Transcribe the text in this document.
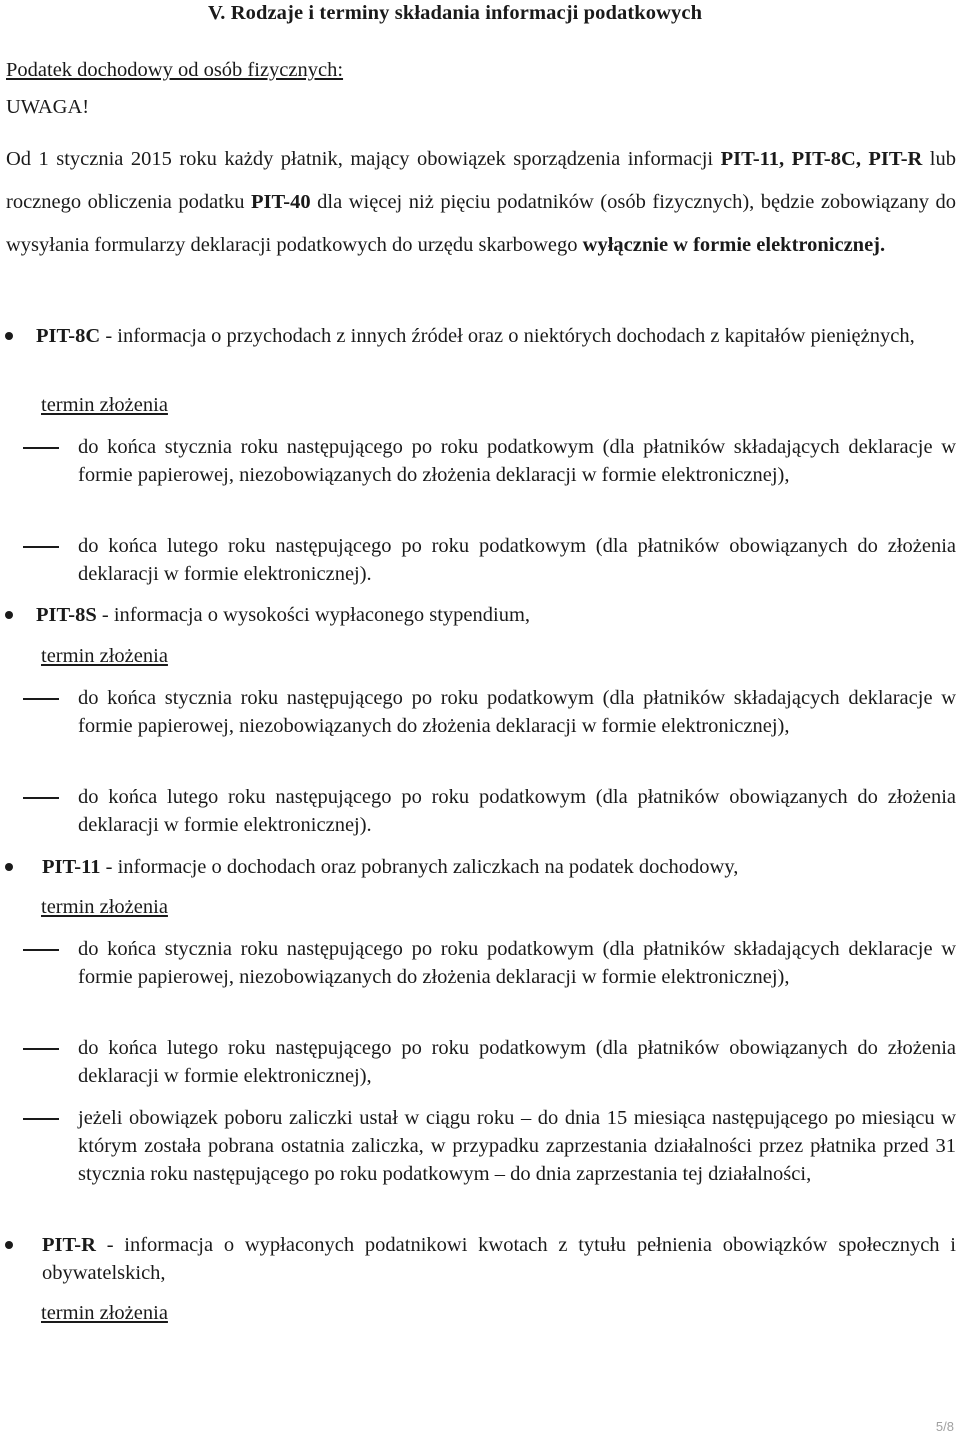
V. Rodzaje i terminy składania informacji podatkowych
Podatek dochodowy od osób fizycznych:
UWAGA!
Od 1 stycznia 2015 roku każdy płatnik, mający obowiązek sporządzenia informacji PIT-11, PIT-8C, PIT-R lub rocznego obliczenia podatku PIT-40 dla więcej niż pięciu podatników (osób fizycznych), będzie zobowiązany do wysyłania formularzy deklaracji podatkowych do urzędu skarbowego wyłącznie w formie elektronicznej.
PIT-8C - informacja o przychodach z innych źródeł oraz o niektórych dochodach z kapitałów pieniężnych,
termin złożenia
do końca stycznia roku następującego po roku podatkowym (dla płatników składających deklaracje w formie papierowej, niezobowiązanych do złożenia deklaracji w formie elektronicznej),
do końca lutego roku następującego po roku podatkowym (dla płatników obowiązanych do złożenia deklaracji w formie elektronicznej).
PIT-8S - informacja o wysokości wypłaconego stypendium,
termin złożenia
do końca stycznia roku następującego po roku podatkowym (dla płatników składających deklaracje w formie papierowej, niezobowiązanych do złożenia deklaracji w formie elektronicznej),
do końca lutego roku następującego po roku podatkowym (dla płatników obowiązanych do złożenia deklaracji w formie elektronicznej).
PIT-11 - informacje o dochodach oraz pobranych zaliczkach na podatek dochodowy,
termin złożenia
do końca stycznia roku następującego po roku podatkowym (dla płatników składających deklaracje w formie papierowej, niezobowiązanych do złożenia deklaracji w formie elektronicznej),
do końca lutego roku następującego po roku podatkowym (dla płatników obowiązanych do złożenia deklaracji w formie elektronicznej),
jeżeli obowiązek poboru zaliczki ustał w ciągu roku – do dnia 15 miesiąca następującego po miesiącu w którym została pobrana ostatnia zaliczka, w przypadku zaprzestania działalności przez płatnika przed 31 stycznia roku następującego po roku podatkowym – do dnia zaprzestania tej działalności,
PIT-R - informacja o wypłaconych podatnikowi kwotach z tytułu pełnienia obowiązków społecznych i obywatelskich,
termin złożenia
5/8
